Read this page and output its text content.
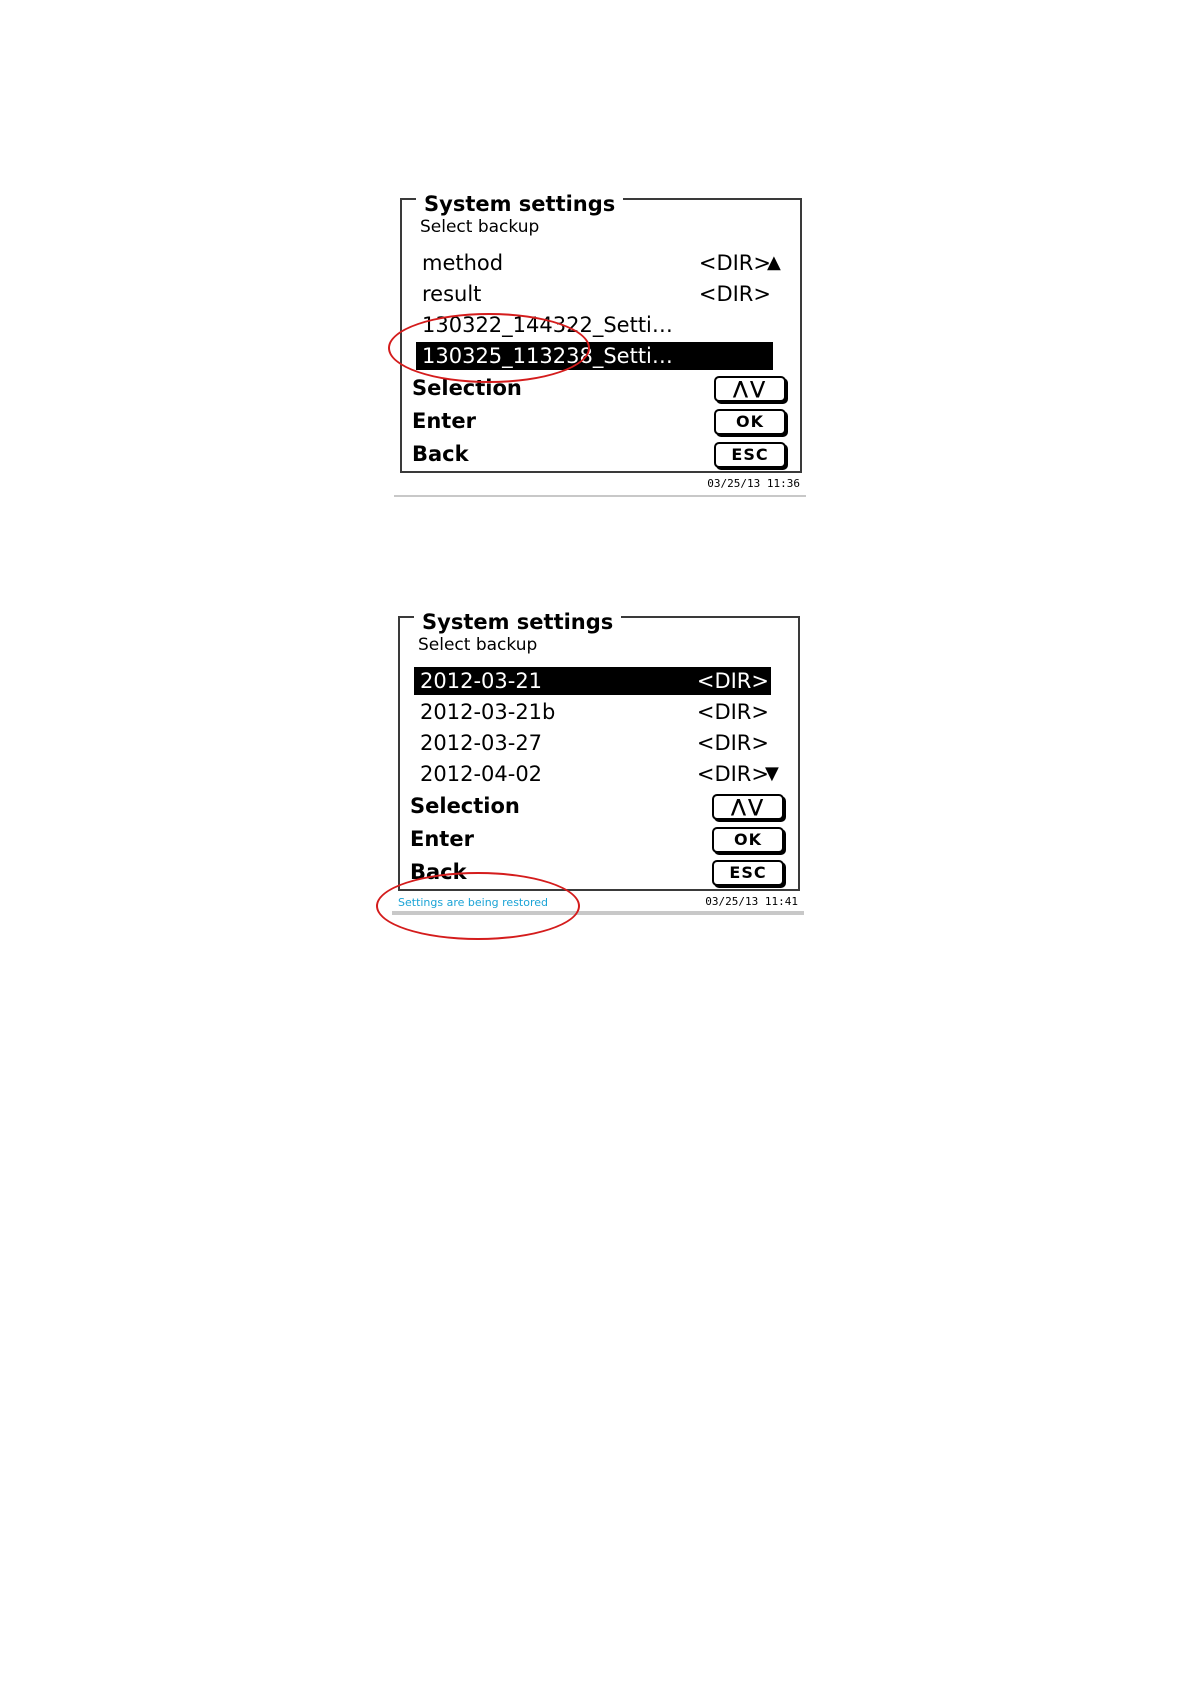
System settings
Select backup
method	<DIR>
▲
result	<DIR>
130322_144322_Setti…
130325_113238_Setti…
Selection	⋀⋁
Enter	OK
Back	ESC
03/25/13 11:36
System settings
Select backup
2012-03-21	<DIR>
2012-03-21b	<DIR>
2012-03-27	<DIR>
2012-04-02	<DIR>
▼
Selection	⋀⋁
Enter	OK
Back	ESC
Settings are being restored	03/25/13 11:41
